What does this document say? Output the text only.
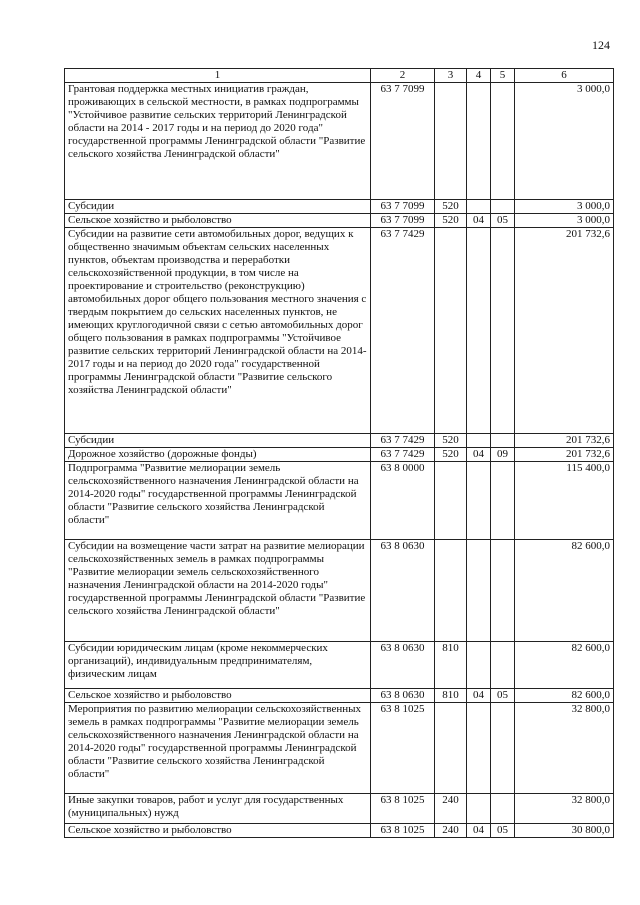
124
1	2	3	4	5	6
Грантовая поддержка местных инициатив граждан, проживающих в сельской местности, в рамках подпрограммы "Устойчивое развитие сельских территорий Ленинградской области на 2014 - 2017 годы и на период до 2020 года" государственной программы Ленинградской области "Развитие сельского хозяйства Ленинградской области"	63 7 7099				3 000,0
Субсидии	63 7 7099	520			3 000,0
Сельское хозяйство и рыболовство	63 7 7099	520	04	05	3 000,0
Субсидии на развитие сети автомобильных дорог, ведущих к общественно значимым объектам сельских населенных пунктов, объектам производства и переработки сельскохозяйственной продукции, в том числе на проектирование и строительство (реконструкцию) автомобильных дорог общего пользования местного значения с твердым покрытием до сельских населенных пунктов, не имеющих круглогодичной связи с сетью автомобильных дорог общего пользования в рамках подпрограммы "Устойчивое развитие сельских территорий Ленинградской области на 2014-2017 годы и на период до 2020 года" государственной программы Ленинградской области "Развитие сельского хозяйства Ленинградской области"	63 7 7429				201 732,6
Субсидии	63 7 7429	520			201 732,6
Дорожное хозяйство (дорожные фонды)	63 7 7429	520	04	09	201 732,6
Подпрограмма "Развитие мелиорации земель сельскохозяйственного назначения Ленинградской области на 2014-2020 годы" государственной программы Ленинградской области "Развитие сельского хозяйства Ленинградской области"	63 8 0000				115 400,0
Субсидии на возмещение части затрат на развитие мелиорации сельскохозяйственных земель в рамках подпрограммы "Развитие мелиорации земель сельскохозяйственного назначения Ленинградской области на 2014-2020 годы" государственной программы Ленинградской области "Развитие сельского хозяйства Ленинградской области"	63 8 0630				82 600,0
Субсидии юридическим лицам (кроме некоммерческих организаций), индивидуальным предпринимателям, физическим лицам	63 8 0630	810			82 600,0
Сельское хозяйство и рыболовство	63 8 0630	810	04	05	82 600,0
Мероприятия по развитию мелиорации сельскохозяйственных земель в рамках подпрограммы "Развитие мелиорации земель сельскохозяйственного назначения Ленинградской области на 2014-2020 годы" государственной программы Ленинградской области "Развитие сельского хозяйства Ленинградской области"	63 8 1025				32 800,0
Иные закупки товаров, работ и услуг для государственных (муниципальных) нужд	63 8 1025	240			32 800,0
Сельское хозяйство и рыболовство	63 8 1025	240	04	05	30 800,0
